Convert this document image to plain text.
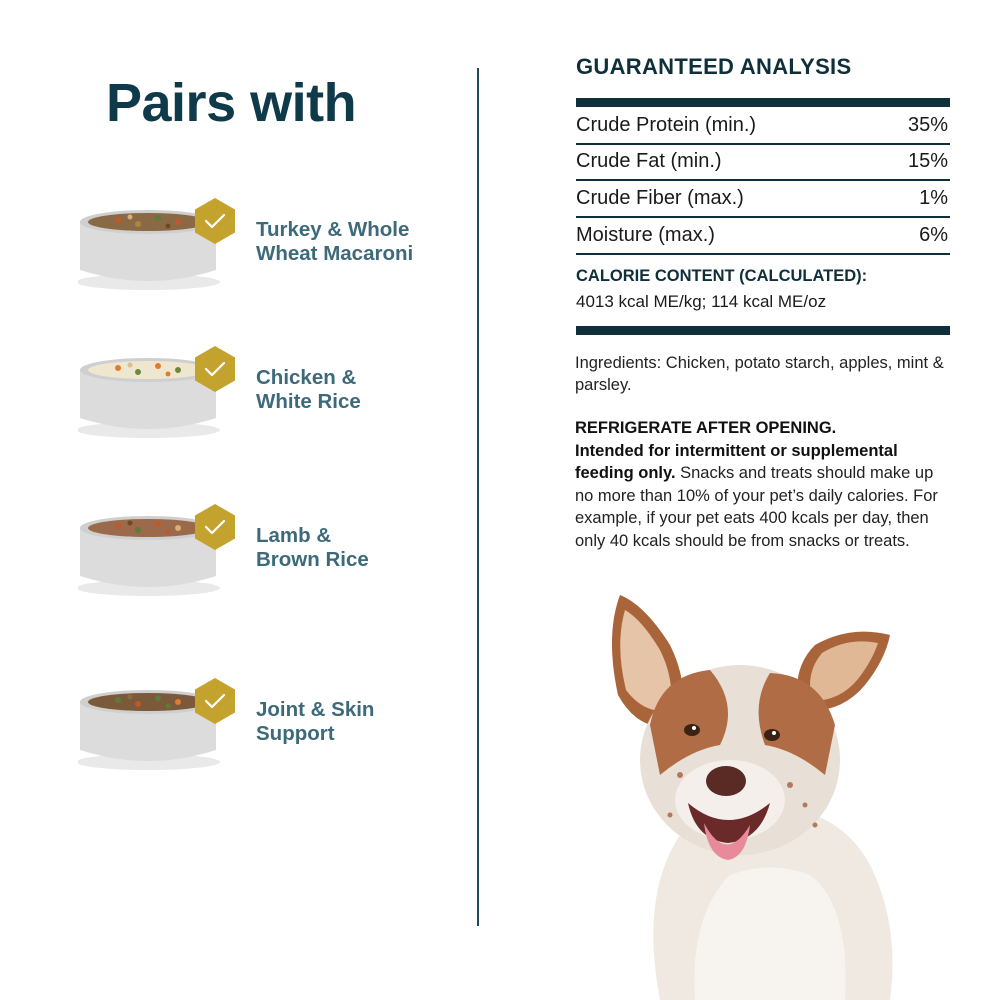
Pairs with
Turkey & Whole
Wheat Macaroni
Chicken &
White Rice
Lamb &
Brown Rice
Joint & Skin
Support
GUARANTEED ANALYSIS
Crude Protein (min.)	35%
Crude Fat (min.)	15%
Crude Fiber (max.)	1%
Moisture (max.)	6%
CALORIE CONTENT (CALCULATED):
4013 kcal ME/kg; 114 kcal ME/oz
Ingredients: Chicken, potato starch, apples, mint & parsley.
REFRIGERATE AFTER OPENING.
Intended for intermittent or supplemental feeding only. Snacks and treats should make up no more than 10% of your pet’s daily calories. For example, if your pet eats 400 kcals per day, then only 40 kcals should be from snacks or treats.
